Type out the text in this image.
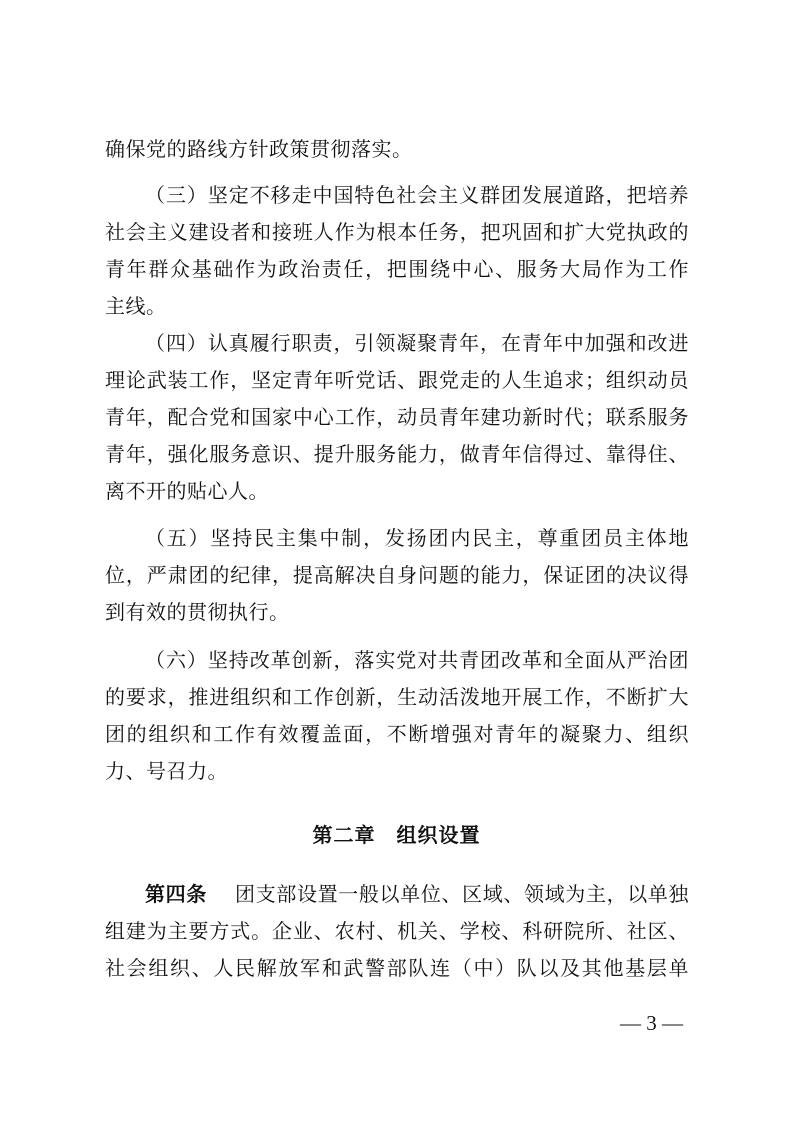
确保党的路线方针政策贯彻落实。
（三）坚定不移走中国特色社会主义群团发展道路，把培养
社会主义建设者和接班人作为根本任务，把巩固和扩大党执政的
青年群众基础作为政治责任，把围绕中心、服务大局作为工作
主线。
（四）认真履行职责，引领凝聚青年，在青年中加强和改进
理论武装工作，坚定青年听党话、跟党走的人生追求；组织动员
青年，配合党和国家中心工作，动员青年建功新时代；联系服务
青年，强化服务意识、提升服务能力，做青年信得过、靠得住、
离不开的贴心人。
（五）坚持民主集中制，发扬团内民主，尊重团员主体地
位，严肃团的纪律，提高解决自身问题的能力，保证团的决议得
到有效的贯彻执行。
（六）坚持改革创新，落实党对共青团改革和全面从严治团
的要求，推进组织和工作创新，生动活泼地开展工作，不断扩大
团的组织和工作有效覆盖面，不断增强对青年的凝聚力、组织
力、号召力。
第二章　组织设置
第四条 团支部设置一般以单位、区域、领域为主，以单独
组建为主要方式。企业、农村、机关、学校、科研院所、社区、
社会组织、人民解放军和武警部队连（中）队以及其他基层单
— 3 —
